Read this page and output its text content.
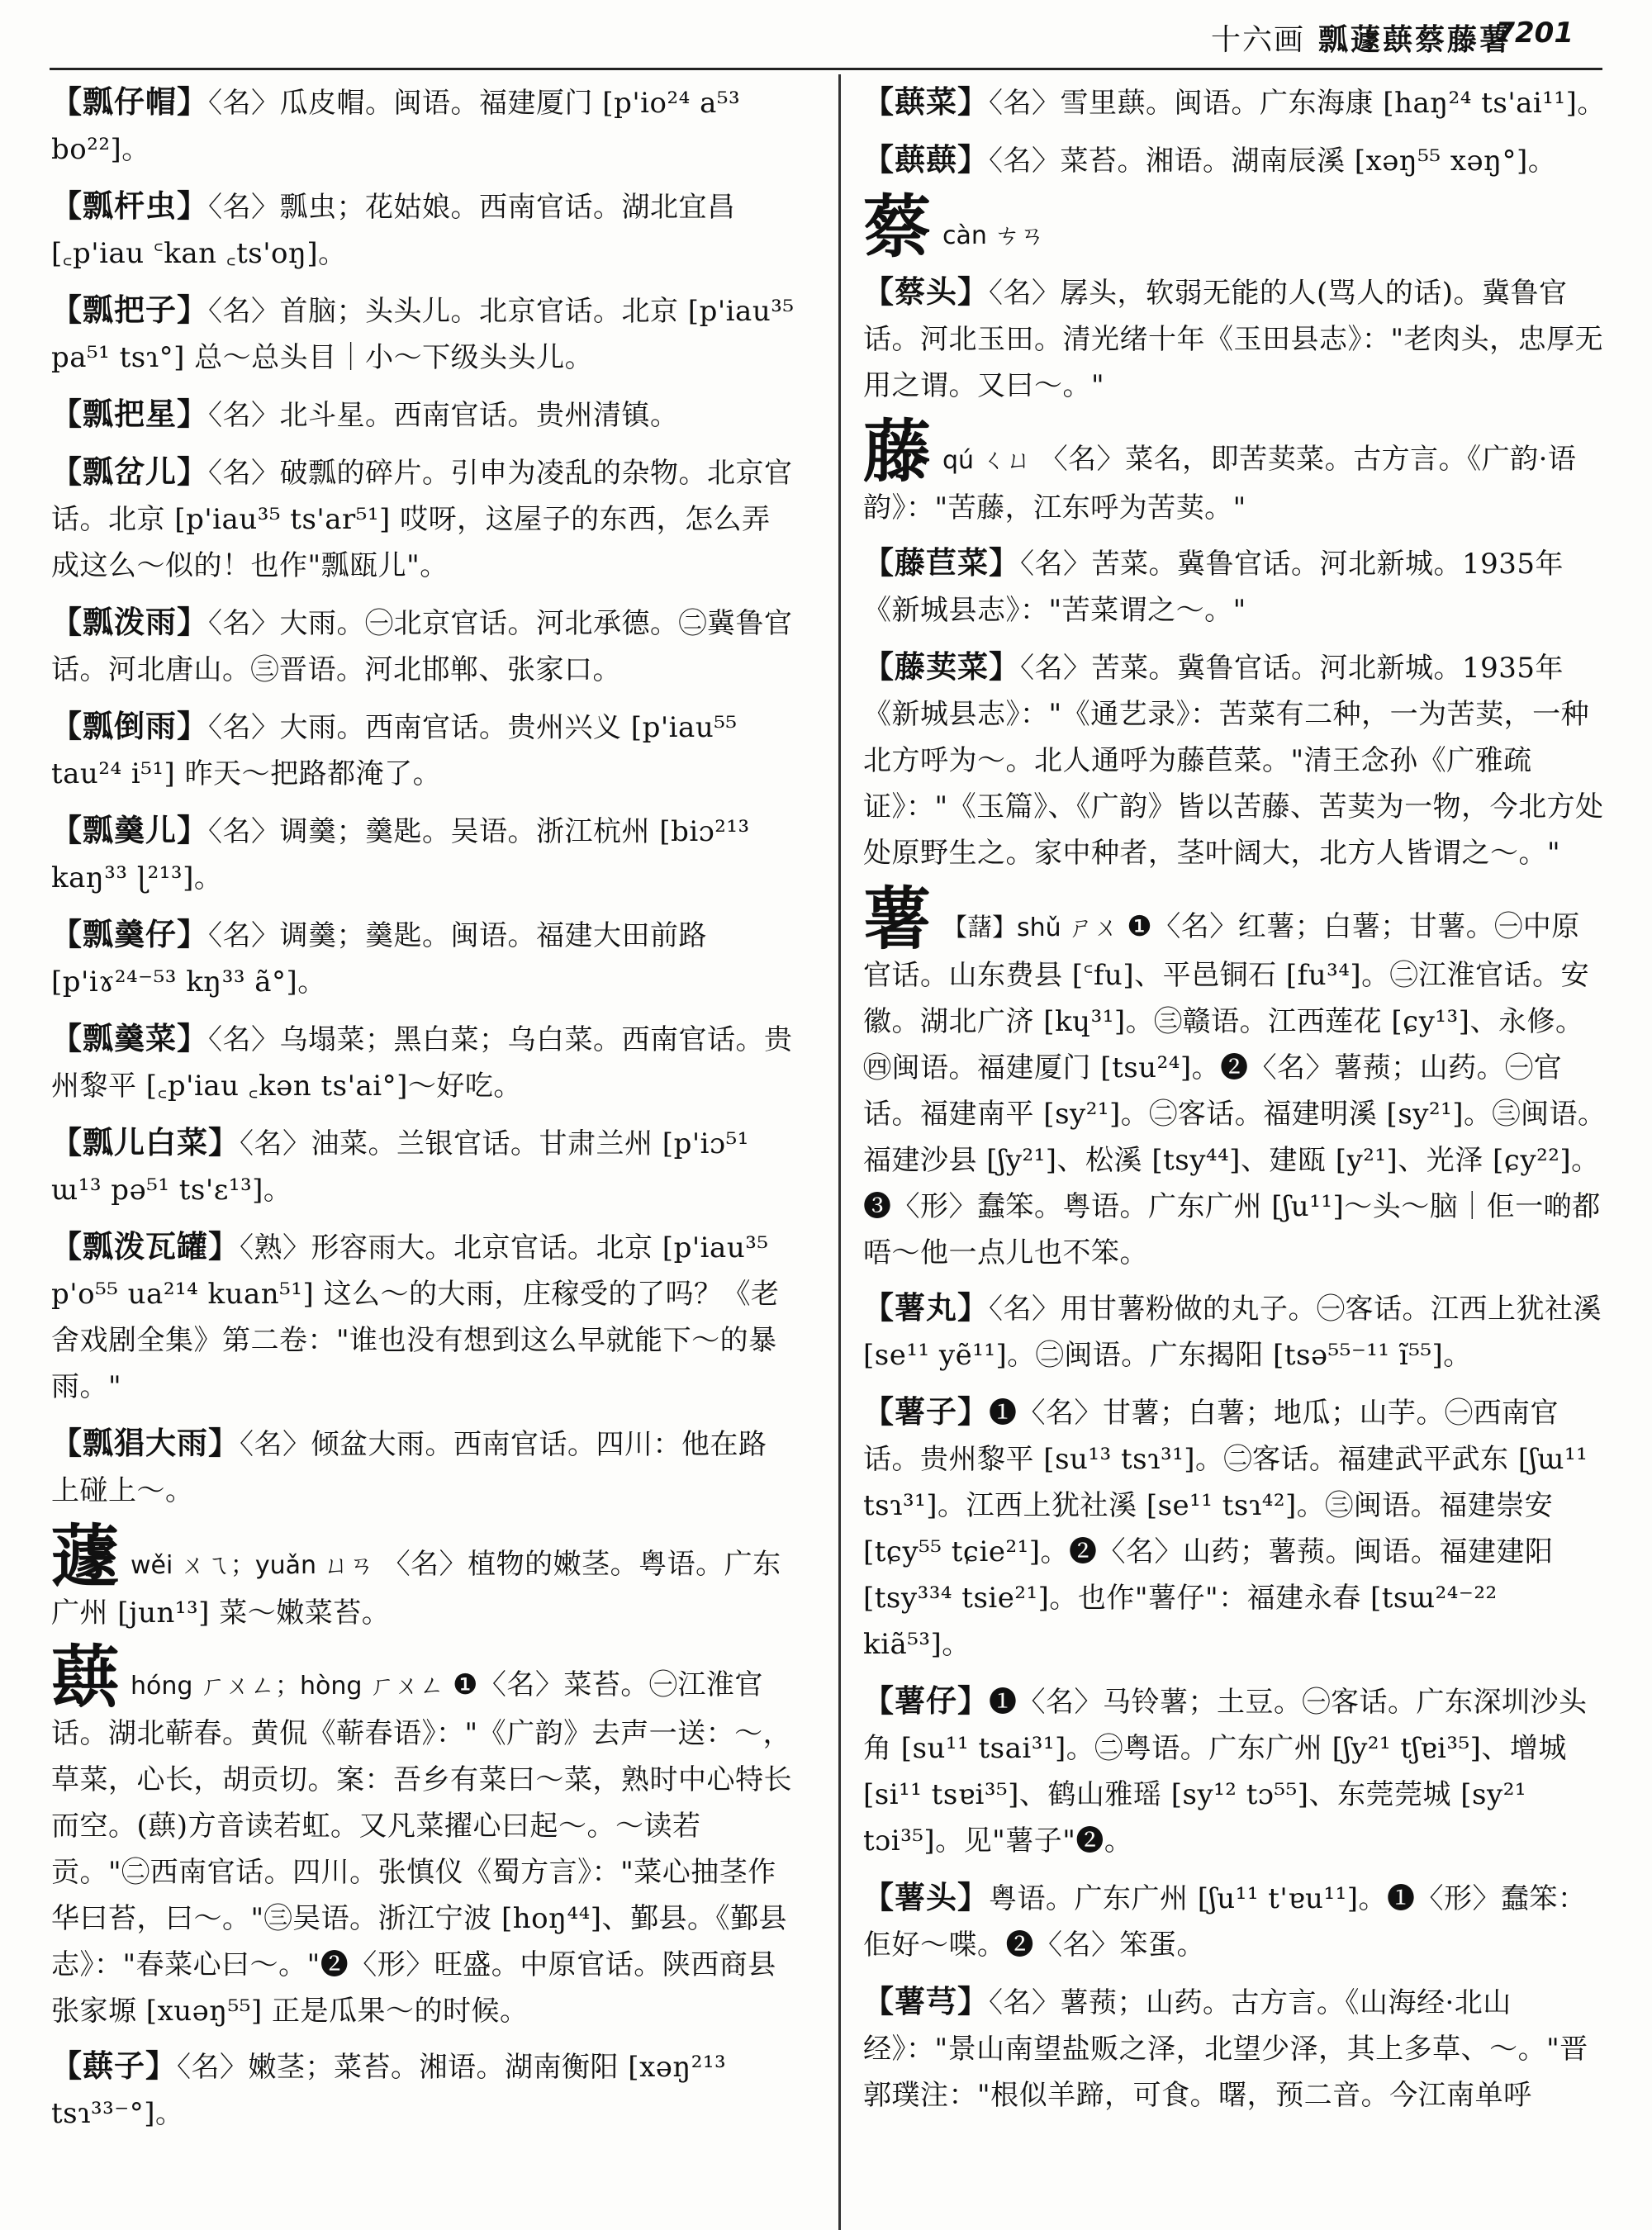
十六画 瓢蘧蕻蔡藤薯
7201
【瓢仔帽】〈名〉瓜皮帽。闽语。福建厦门 [p'io²⁴ a⁵³ bo²²]。
【瓢杆虫】〈名〉瓢虫；花姑娘。西南官话。湖北宜昌 [꜀p'iau ꜂kan ꜀ts'oŋ]。
【瓢把子】〈名〉首脑；头头儿。北京官话。北京 [p'iau³⁵ pa⁵¹ tsɿ°] 总～总头目｜小～下级头头儿。
【瓢把星】〈名〉北斗星。西南官话。贵州清镇。
【瓢岔儿】〈名〉破瓢的碎片。引申为凌乱的杂物。北京官话。北京 [p'iau³⁵ ts'ar⁵¹] 哎呀，这屋子的东西，怎么弄成这么～似的！也作"瓢瓯儿"。
【瓢泼雨】〈名〉大雨。㊀北京官话。河北承德。㊁冀鲁官话。河北唐山。㊂晋语。河北邯郸、张家口。
【瓢倒雨】〈名〉大雨。西南官话。贵州兴义 [p'iau⁵⁵ tau²⁴ i⁵¹] 昨天～把路都淹了。
【瓢羹儿】〈名〉调羹；羹匙。吴语。浙江杭州 [biɔ²¹³ kaŋ³³ ɭ²¹³]。
【瓢羹仔】〈名〉调羹；羹匙。闽语。福建大田前路 [p'iɤ²⁴⁻⁵³ kŋ³³ ã°]。
【瓢羹菜】〈名〉乌塌菜；黑白菜；乌白菜。西南官话。贵州黎平 [꜀p'iau ꜀kən ts'ai°]～好吃。
【瓢儿白菜】〈名〉油菜。兰银官话。甘肃兰州 [p'iɔ⁵¹ ɯ¹³ pə⁵¹ ts'ɛ¹³]。
【瓢泼瓦罐】〈熟〉形容雨大。北京官话。北京 [p'iau³⁵ p'o⁵⁵ ua²¹⁴ kuan⁵¹] 这么～的大雨，庄稼受的了吗？《老舍戏剧全集》第二卷："谁也没有想到这么早就能下～的暴雨。"
【瓢猖大雨】〈名〉倾盆大雨。西南官话。四川：他在路上碰上～。
蘧wěi ㄨㄟ；yuǎn ㄩㄢ 〈名〉植物的嫩茎。粤语。广东广州 [jun¹³] 菜～嫩菜苔。
蕻hóng ㄏㄨㄥ；hòng ㄏㄨㄥ ❶〈名〉菜苔。㊀江淮官话。湖北蕲春。黄侃《蕲春语》："《广韵》去声一送：～，草菜，心长，胡贡切。案：吾乡有菜曰～菜，熟时中心特长而空。(蕻)方音读若虹。又凡菜擢心曰起～。～读若贡。"㊁西南官话。四川。张慎仪《蜀方言》："菜心抽茎作华曰苔，曰～。"㊂吴语。浙江宁波 [hoŋ⁴⁴]、鄞县。《鄞县志》："春菜心曰～。"❷〈形〉旺盛。中原官话。陕西商县张家塬 [xuəŋ⁵⁵] 正是瓜果～的时候。
【蕻子】〈名〉嫩茎；菜苔。湘语。湖南衡阳 [xəŋ²¹³ tsɿ³³⁻°]。
【蕻菜】〈名〉雪里蕻。闽语。广东海康 [haŋ²⁴ ts'ai¹¹]。
【蕻蕻】〈名〉菜苔。湘语。湖南辰溪 [xəŋ⁵⁵ xəŋ°]。
蔡càn ㄘㄢ
【蔡头】〈名〉孱头，软弱无能的人(骂人的话)。冀鲁官话。河北玉田。清光绪十年《玉田县志》："老肉头，忠厚无用之谓。又曰～。"
藤qú ㄑㄩ 〈名〉菜名，即苦荬菜。古方言。《广韵·语韵》："苦藤，江东呼为苦荬。"
【藤苣菜】〈名〉苦菜。冀鲁官话。河北新城。1935年《新城县志》："苦菜谓之～。"
【藤荬菜】〈名〉苦菜。冀鲁官话。河北新城。1935年《新城县志》："《通艺录》：苦菜有二种，一为苦荬，一种北方呼为～。北人通呼为藤苣菜。"清王念孙《广雅疏证》："《玉篇》、《广韵》皆以苦藤、苦荬为一物，今北方处处原野生之。家中种者，茎叶阔大，北方人皆谓之～。"
薯 【藷】shǔ ㄕㄨ ❶〈名〉红薯；白薯；甘薯。㊀中原官话。山东费县 [꜂fu]、平邑铜石 [fu³⁴]。㊁江淮官话。安徽。湖北广济 [kɥ³¹]。㊂赣语。江西莲花 [ɕy¹³]、永修。㊃闽语。福建厦门 [tsu²⁴]。❷〈名〉薯蓣；山药。㊀官话。福建南平 [sy²¹]。㊁客话。福建明溪 [sy²¹]。㊂闽语。福建沙县 [ʃy²¹]、松溪 [tsy⁴⁴]、建瓯 [y²¹]、光泽 [ɕy²²]。❸〈形〉蠢笨。粤语。广东广州 [ʃu¹¹]～头～脑｜佢一啲都唔～他一点儿也不笨。
【薯丸】〈名〉用甘薯粉做的丸子。㊀客话。江西上犹社溪 [se¹¹ yẽ¹¹]。㊁闽语。广东揭阳 [tsə⁵⁵⁻¹¹ ĩ⁵⁵]。
【薯子】❶〈名〉甘薯；白薯；地瓜；山芋。㊀西南官话。贵州黎平 [su¹³ tsɿ³¹]。㊁客话。福建武平武东 [ʃɯ¹¹ tsɿ³¹]。江西上犹社溪 [se¹¹ tsɿ⁴²]。㊂闽语。福建崇安 [tɕy⁵⁵ tɕie²¹]。❷〈名〉山药；薯蓣。闽语。福建建阳 [tsy³³⁴ tsie²¹]。也作"薯仔"：福建永春 [tsɯ²⁴⁻²² kiã⁵³]。
【薯仔】❶〈名〉马铃薯；土豆。㊀客话。广东深圳沙头角 [su¹¹ tsai³¹]。㊁粤语。广东广州 [ʃy²¹ tʃɐi³⁵]、增城 [si¹¹ tsɐi³⁵]、鹤山雅瑶 [sy¹² tɔ⁵⁵]、东莞莞城 [sy²¹ tɔi³⁵]。见"薯子"❷。
【薯头】粤语。广东广州 [ʃu¹¹ t'ɐu¹¹]。❶〈形〉蠢笨：佢好～喋。❷〈名〉笨蛋。
【薯芎】〈名〉薯蓣；山药。古方言。《山海经·北山经》："景山南望盐贩之泽，北望少泽，其上多草、～。"晋郭璞注："根似羊蹄，可食。曙，预二音。今江南单呼
